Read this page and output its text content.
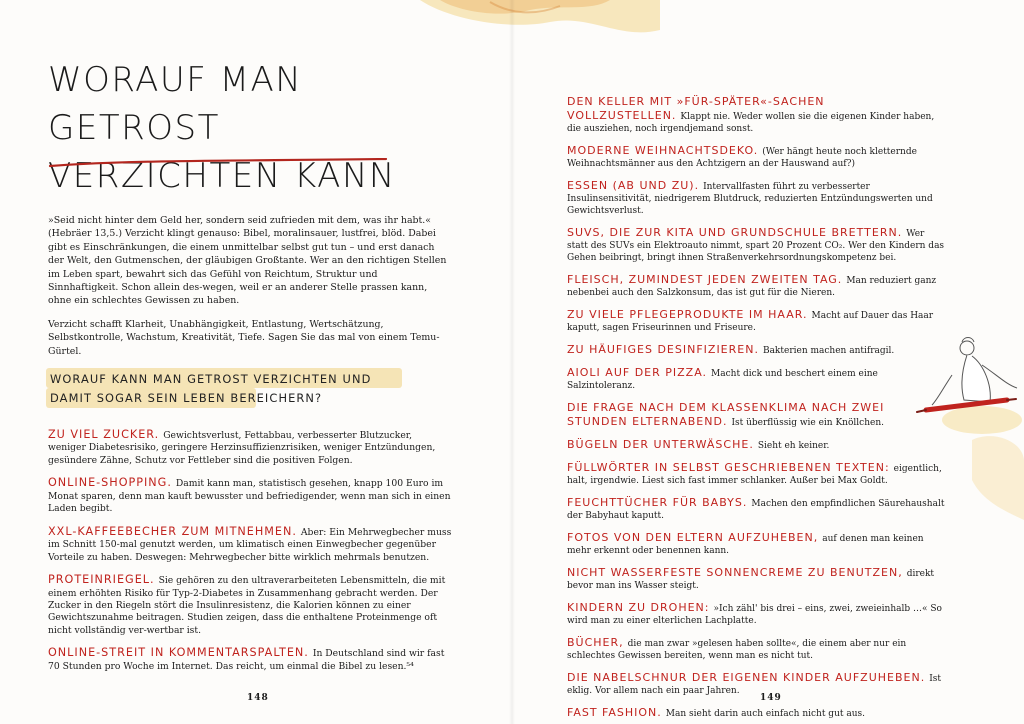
WORAUF MAN GETROST
VERZICHTEN KANN

»Seid nicht hinter dem Geld her, sondern seid zufrieden mit dem, was ihr habt.« (Hebräer 13,5.) Verzicht klingt genauso: Bibel, moralinsauer, lustfrei, blöd. Dabei gibt es Einschränkungen, die einem unmittelbar selbst gut tun – und erst danach der Welt, den Gutmenschen, der gläubigen Großtante. Wer an den richtigen Stellen im Leben spart, bewahrt sich das Gefühl von Reichtum, Struktur und Sinnhaftigkeit. Schon allein des-wegen, weil er an anderer Stelle prassen kann, ohne ein schlechtes Gewissen zu haben.

Verzicht schafft Klarheit, Unabhängigkeit, Entlastung, Wertschätzung, Selbstkontrolle, Wachstum, Kreativität, Tiefe. Sagen Sie das mal von einem Temu-Gürtel.

WORAUF KANN MAN GETROST VERZICHTEN UND DAMIT SOGAR SEIN LEBEN BEREICHERN?

ZU VIEL ZUCKER. Gewichtsverlust, Fettabbau, verbesserter Blutzucker, weniger Diabetesrisiko, geringere Herzinsuffizienzrisiken, weniger Entzündungen, gesündere Zähne, Schutz vor Fettleber sind die positiven Folgen.

ONLINE-SHOPPING. Damit kann man, statistisch gesehen, knapp 100 Euro im Monat sparen, denn man kauft bewusster und befriedigender, wenn man sich in einen Laden begibt.

XXL-KAFFEEBECHER ZUM MITNEHMEN. Aber: Ein Mehrwegbecher muss im Schnitt 150-mal genutzt werden, um klimatisch einen Einwegbecher gegenüber Vorteile zu haben. Deswegen: Mehrwegbecher bitte wirklich mehrmals benutzen.

PROTEINRIEGEL. Sie gehören zu den ultraverarbeiteten Lebensmitteln, die mit einem erhöhten Risiko für Typ-2-Diabetes in Zusammenhang gebracht werden. Der Zucker in den Riegeln stört die Insulinresistenz, die Kalorien können zu einer Gewichtszunahme beitragen. Studien zeigen, dass die enthaltene Proteinmenge oft nicht vollständig ver-wertbar ist.

ONLINE-STREIT IN KOMMENTARSPALTEN. In Deutschland sind wir fast 70 Stunden pro Woche im Internet. Das reicht, um einmal die Bibel zu lesen.⁵⁴

148

DEN KELLER MIT »FÜR-SPÄTER«-SACHEN VOLLZUSTELLEN. Klappt nie. Weder wollen sie die eigenen Kinder haben, die ausziehen, noch irgendjemand sonst.

MODERNE WEIHNACHTSDEKO. (Wer hängt heute noch kletternde Weihnachtsmänner aus den Achtzigern an der Hauswand auf?)

ESSEN (AB UND ZU). Intervallfasten führt zu verbesserter Insulinsensitivität, niedrigerem Blutdruck, reduzierten Entzündungswerten und Gewichtsverlust.

SUVS, DIE ZUR KITA UND GRUNDSCHULE BRETTERN. Wer statt des SUVs ein Elektroauto nimmt, spart 20 Prozent CO₂. Wer den Kindern das Gehen beibringt, bringt ihnen Straßenverkehrsordnungskompetenz bei.

FLEISCH, ZUMINDEST JEDEN ZWEITEN TAG. Man reduziert ganz nebenbei auch den Salzkonsum, das ist gut für die Nieren.

ZU VIELE PFLEGEPRODUKTE IM HAAR. Macht auf Dauer das Haar kaputt, sagen Friseurinnen und Friseure.

ZU HÄUFIGES DESINFIZIEREN. Bakterien machen antifragil.

AIOLI AUF DER PIZZA. Macht dick und beschert einem eine Salzintoleranz.

DIE FRAGE NACH DEM KLASSENKLIMA NACH ZWEI STUNDEN ELTERNABEND. Ist überflüssig wie ein Knöllchen.

BÜGELN DER UNTERWÄSCHE. Sieht eh keiner.

FÜLLWÖRTER IN SELBST GESCHRIEBENEN TEXTEN: eigentlich, halt, irgendwie. Liest sich fast immer schlanker. Außer bei Max Goldt.

FEUCHTTÜCHER FÜR BABYS. Machen den empfindlichen Säurehaushalt der Babyhaut kaputt.

FOTOS VON DEN ELTERN AUFZUHEBEN, auf denen man keinen mehr erkennt oder benennen kann.

NICHT WASSERFESTE SONNENCREME ZU BENUTZEN, direkt bevor man ins Wasser steigt.

KINDERN ZU DROHEN: »Ich zähl' bis drei – eins, zwei, zweieinhalb …« So wird man zu einer elterlichen Lachplatte.

BÜCHER, die man zwar »gelesen haben sollte«, die einem aber nur ein schlechtes Gewissen bereiten, wenn man es nicht tut.

DIE NABELSCHNUR DER EIGENEN KINDER AUFZUHEBEN. Ist eklig. Vor allem nach ein paar Jahren.

FAST FASHION. Man sieht darin auch einfach nicht gut aus.

149
